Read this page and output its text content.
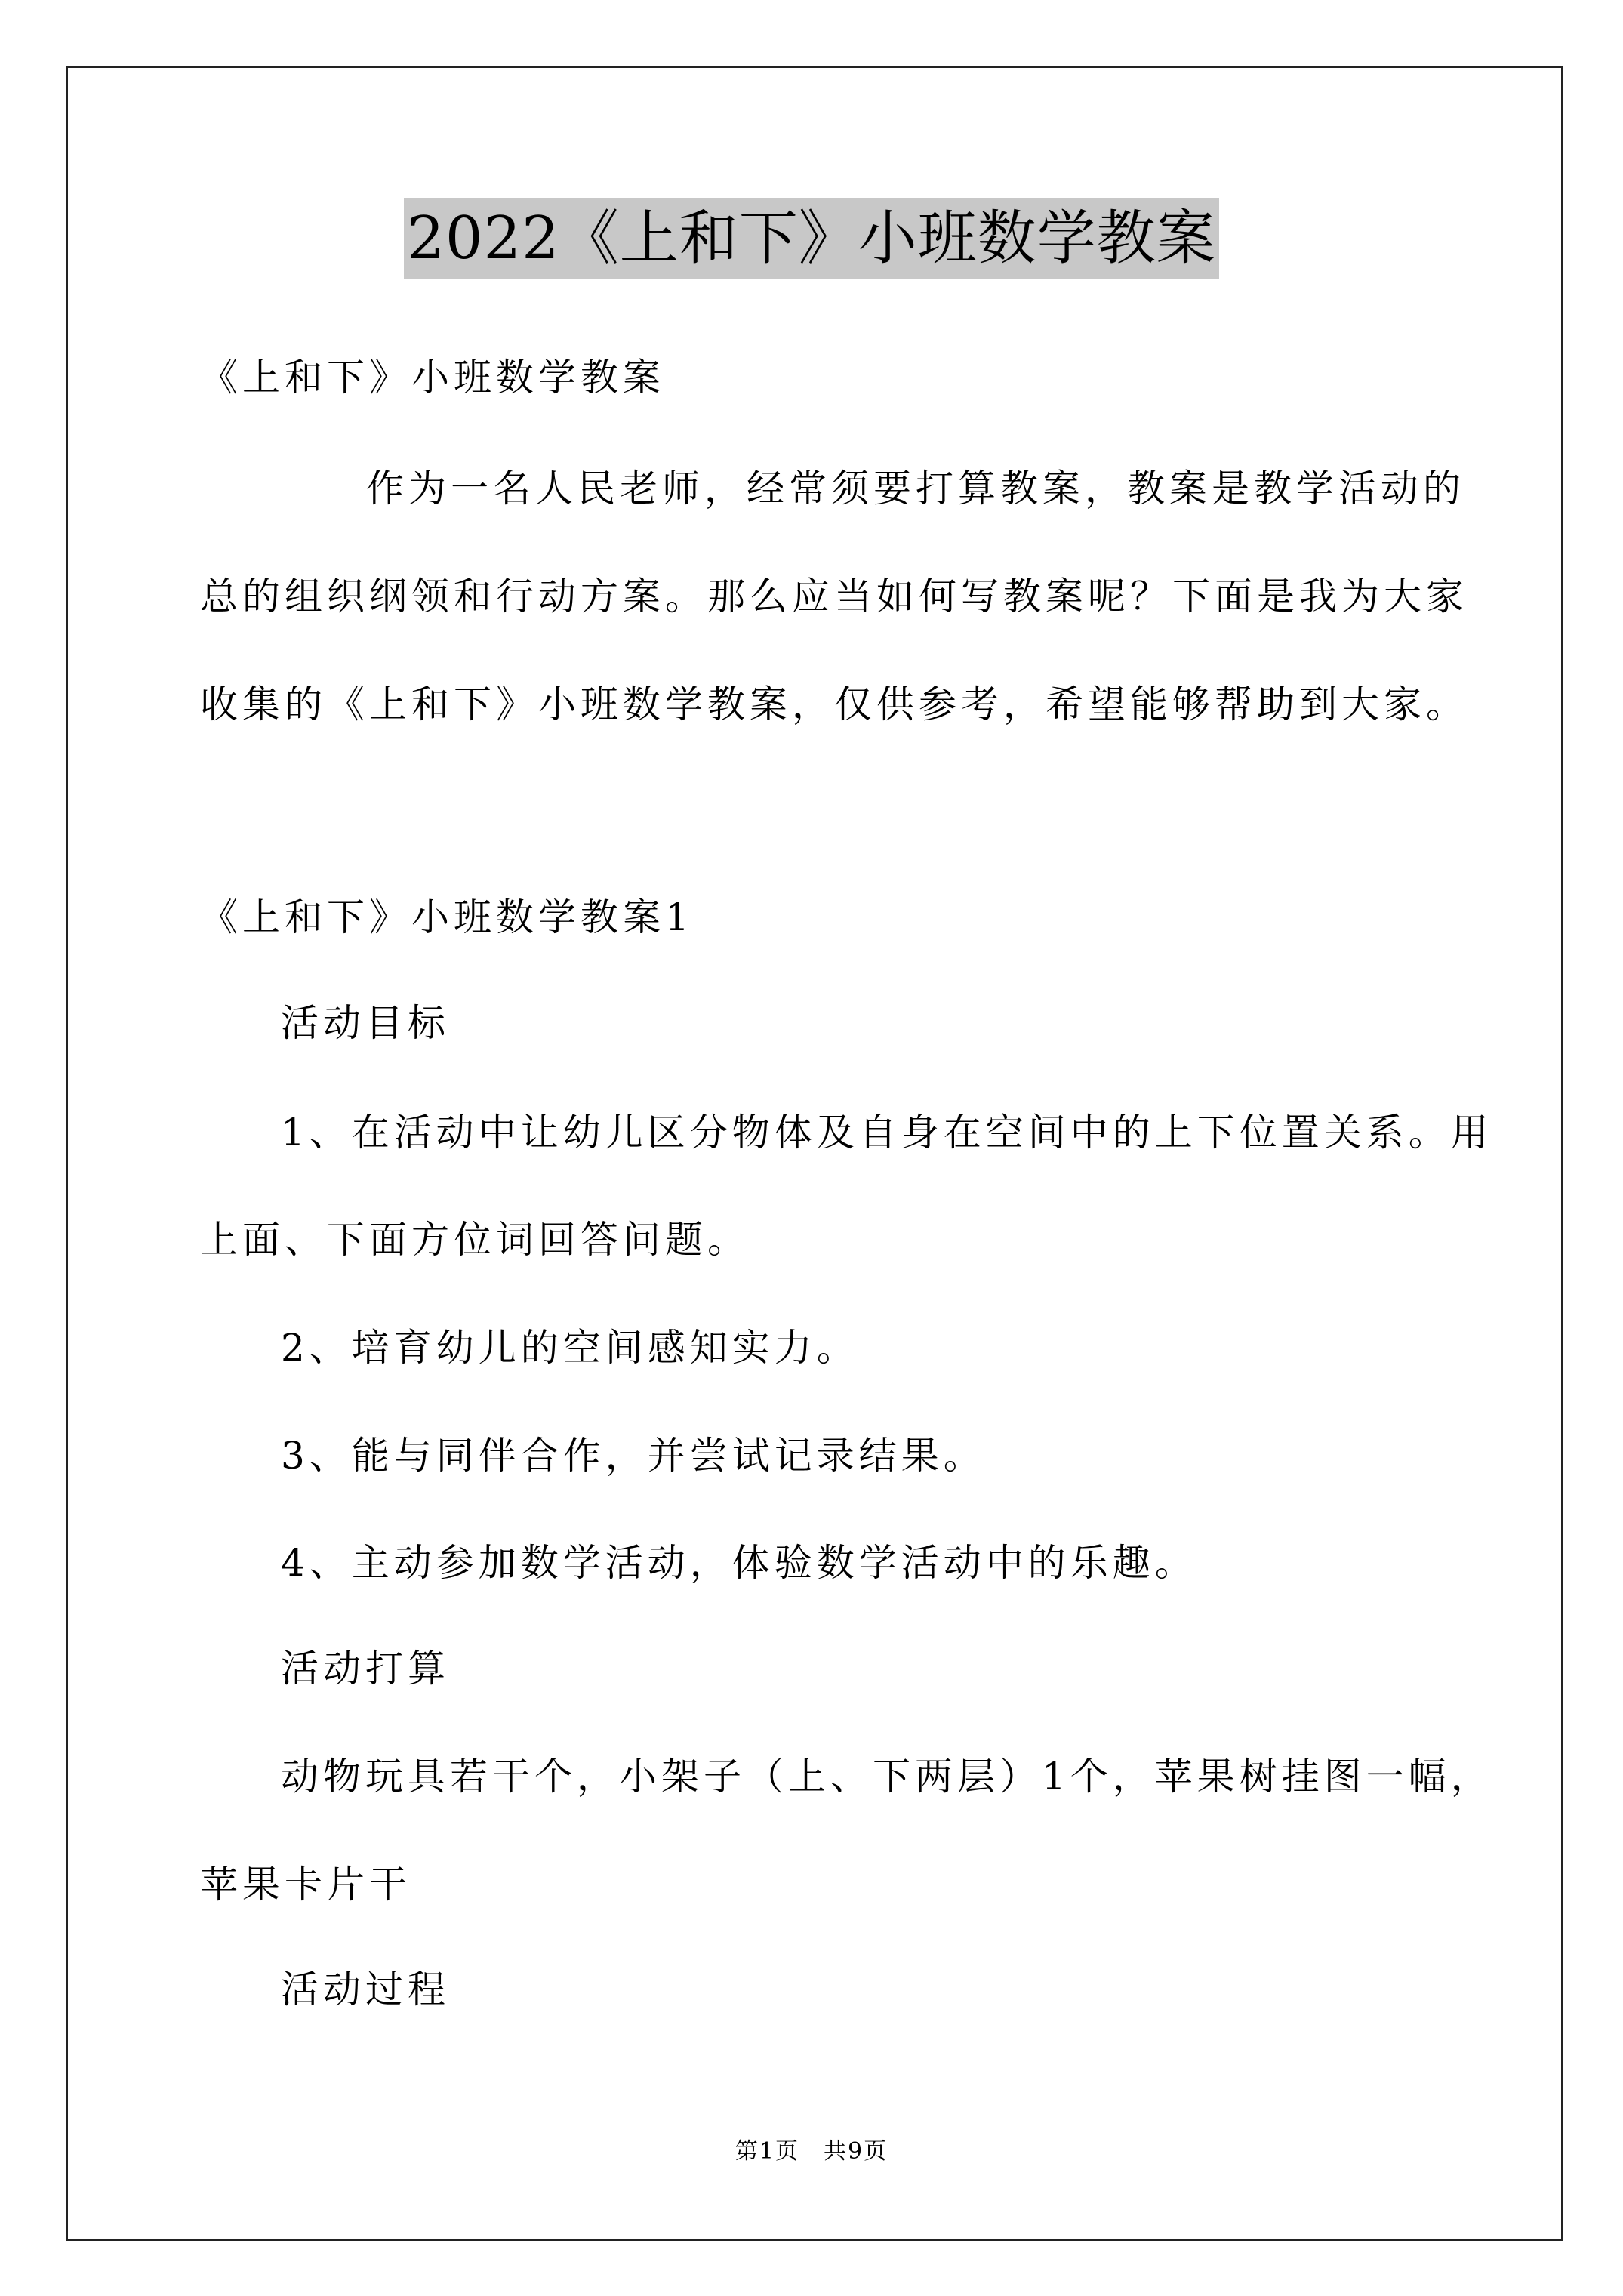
2022《上和下》小班数学教案
《上和下》小班数学教案
作为一名人民老师，经常须要打算教案，教案是教学活动的
总的组织纲领和行动方案。那么应当如何写教案呢？下面是我为大家
收集的《上和下》小班数学教案，仅供参考，希望能够帮助到大家。
《上和下》小班数学教案1
活动目标
1、在活动中让幼儿区分物体及自身在空间中的上下位置关系。用
上面、下面方位词回答问题。
2、培育幼儿的空间感知实力。
3、能与同伴合作，并尝试记录结果。
4、主动参加数学活动，体验数学活动中的乐趣。
活动打算
动物玩具若干个，小架子（上、下两层）1个，苹果树挂图一幅，
苹果卡片干
活动过程
第1页　共9页
